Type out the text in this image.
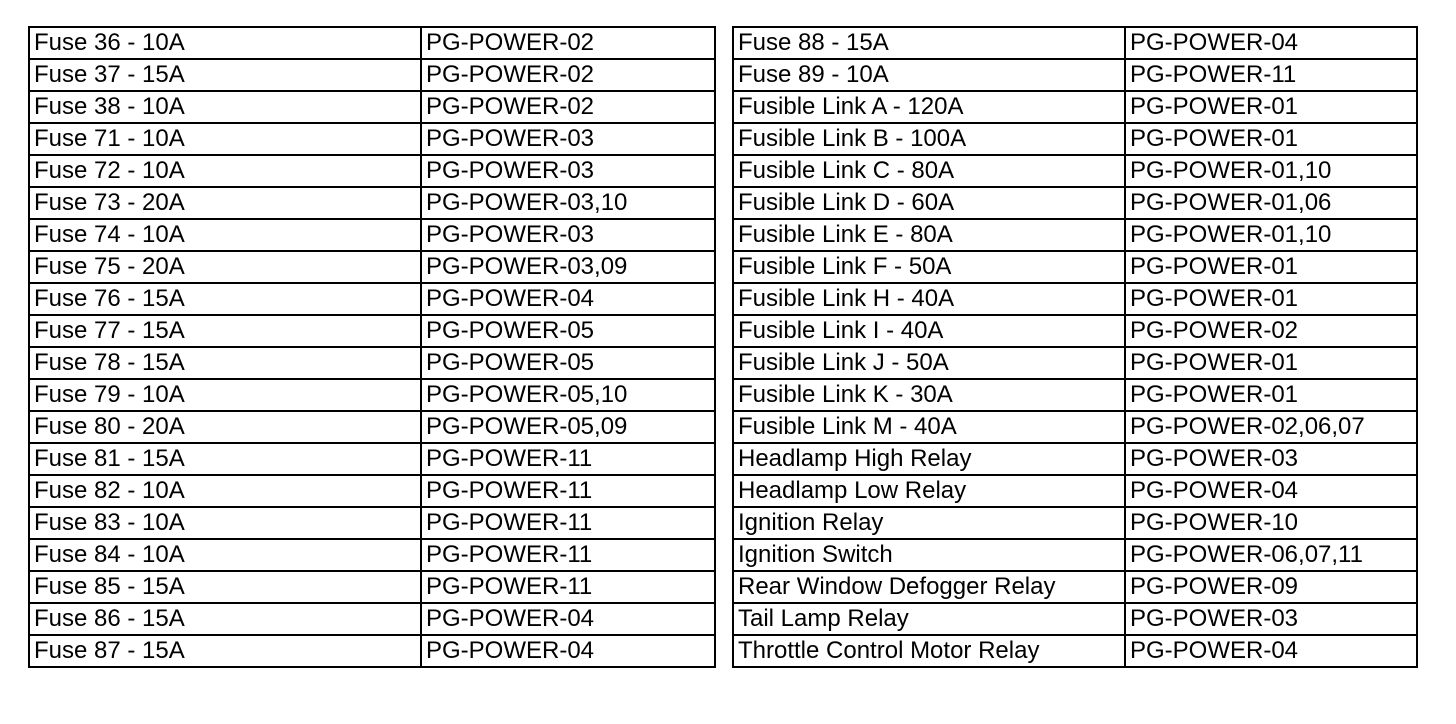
Fuse 36 - 10A	PG-POWER-02
Fuse 37 - 15A	PG-POWER-02
Fuse 38 - 10A	PG-POWER-02
Fuse 71 - 10A	PG-POWER-03
Fuse 72 - 10A	PG-POWER-03
Fuse 73 - 20A	PG-POWER-03,10
Fuse 74 - 10A	PG-POWER-03
Fuse 75 - 20A	PG-POWER-03,09
Fuse 76 - 15A	PG-POWER-04
Fuse 77 - 15A	PG-POWER-05
Fuse 78 - 15A	PG-POWER-05
Fuse 79 - 10A	PG-POWER-05,10
Fuse 80 - 20A	PG-POWER-05,09
Fuse 81 - 15A	PG-POWER-11
Fuse 82 - 10A	PG-POWER-11
Fuse 83 - 10A	PG-POWER-11
Fuse 84 - 10A	PG-POWER-11
Fuse 85 - 15A	PG-POWER-11
Fuse 86 - 15A	PG-POWER-04
Fuse 87 - 15A	PG-POWER-04
Fuse 88 - 15A	PG-POWER-04
Fuse 89 - 10A	PG-POWER-11
Fusible Link A - 120A	PG-POWER-01
Fusible Link B - 100A	PG-POWER-01
Fusible Link C - 80A	PG-POWER-01,10
Fusible Link D - 60A	PG-POWER-01,06
Fusible Link E - 80A	PG-POWER-01,10
Fusible Link F - 50A	PG-POWER-01
Fusible Link H - 40A	PG-POWER-01
Fusible Link I - 40A	PG-POWER-02
Fusible Link J - 50A	PG-POWER-01
Fusible Link K - 30A	PG-POWER-01
Fusible Link M - 40A	PG-POWER-02,06,07
Headlamp High Relay	PG-POWER-03
Headlamp Low Relay	PG-POWER-04
Ignition Relay	PG-POWER-10
Ignition Switch	PG-POWER-06,07,11
Rear Window Defogger Relay	PG-POWER-09
Tail Lamp Relay	PG-POWER-03
Throttle Control Motor Relay	PG-POWER-04
